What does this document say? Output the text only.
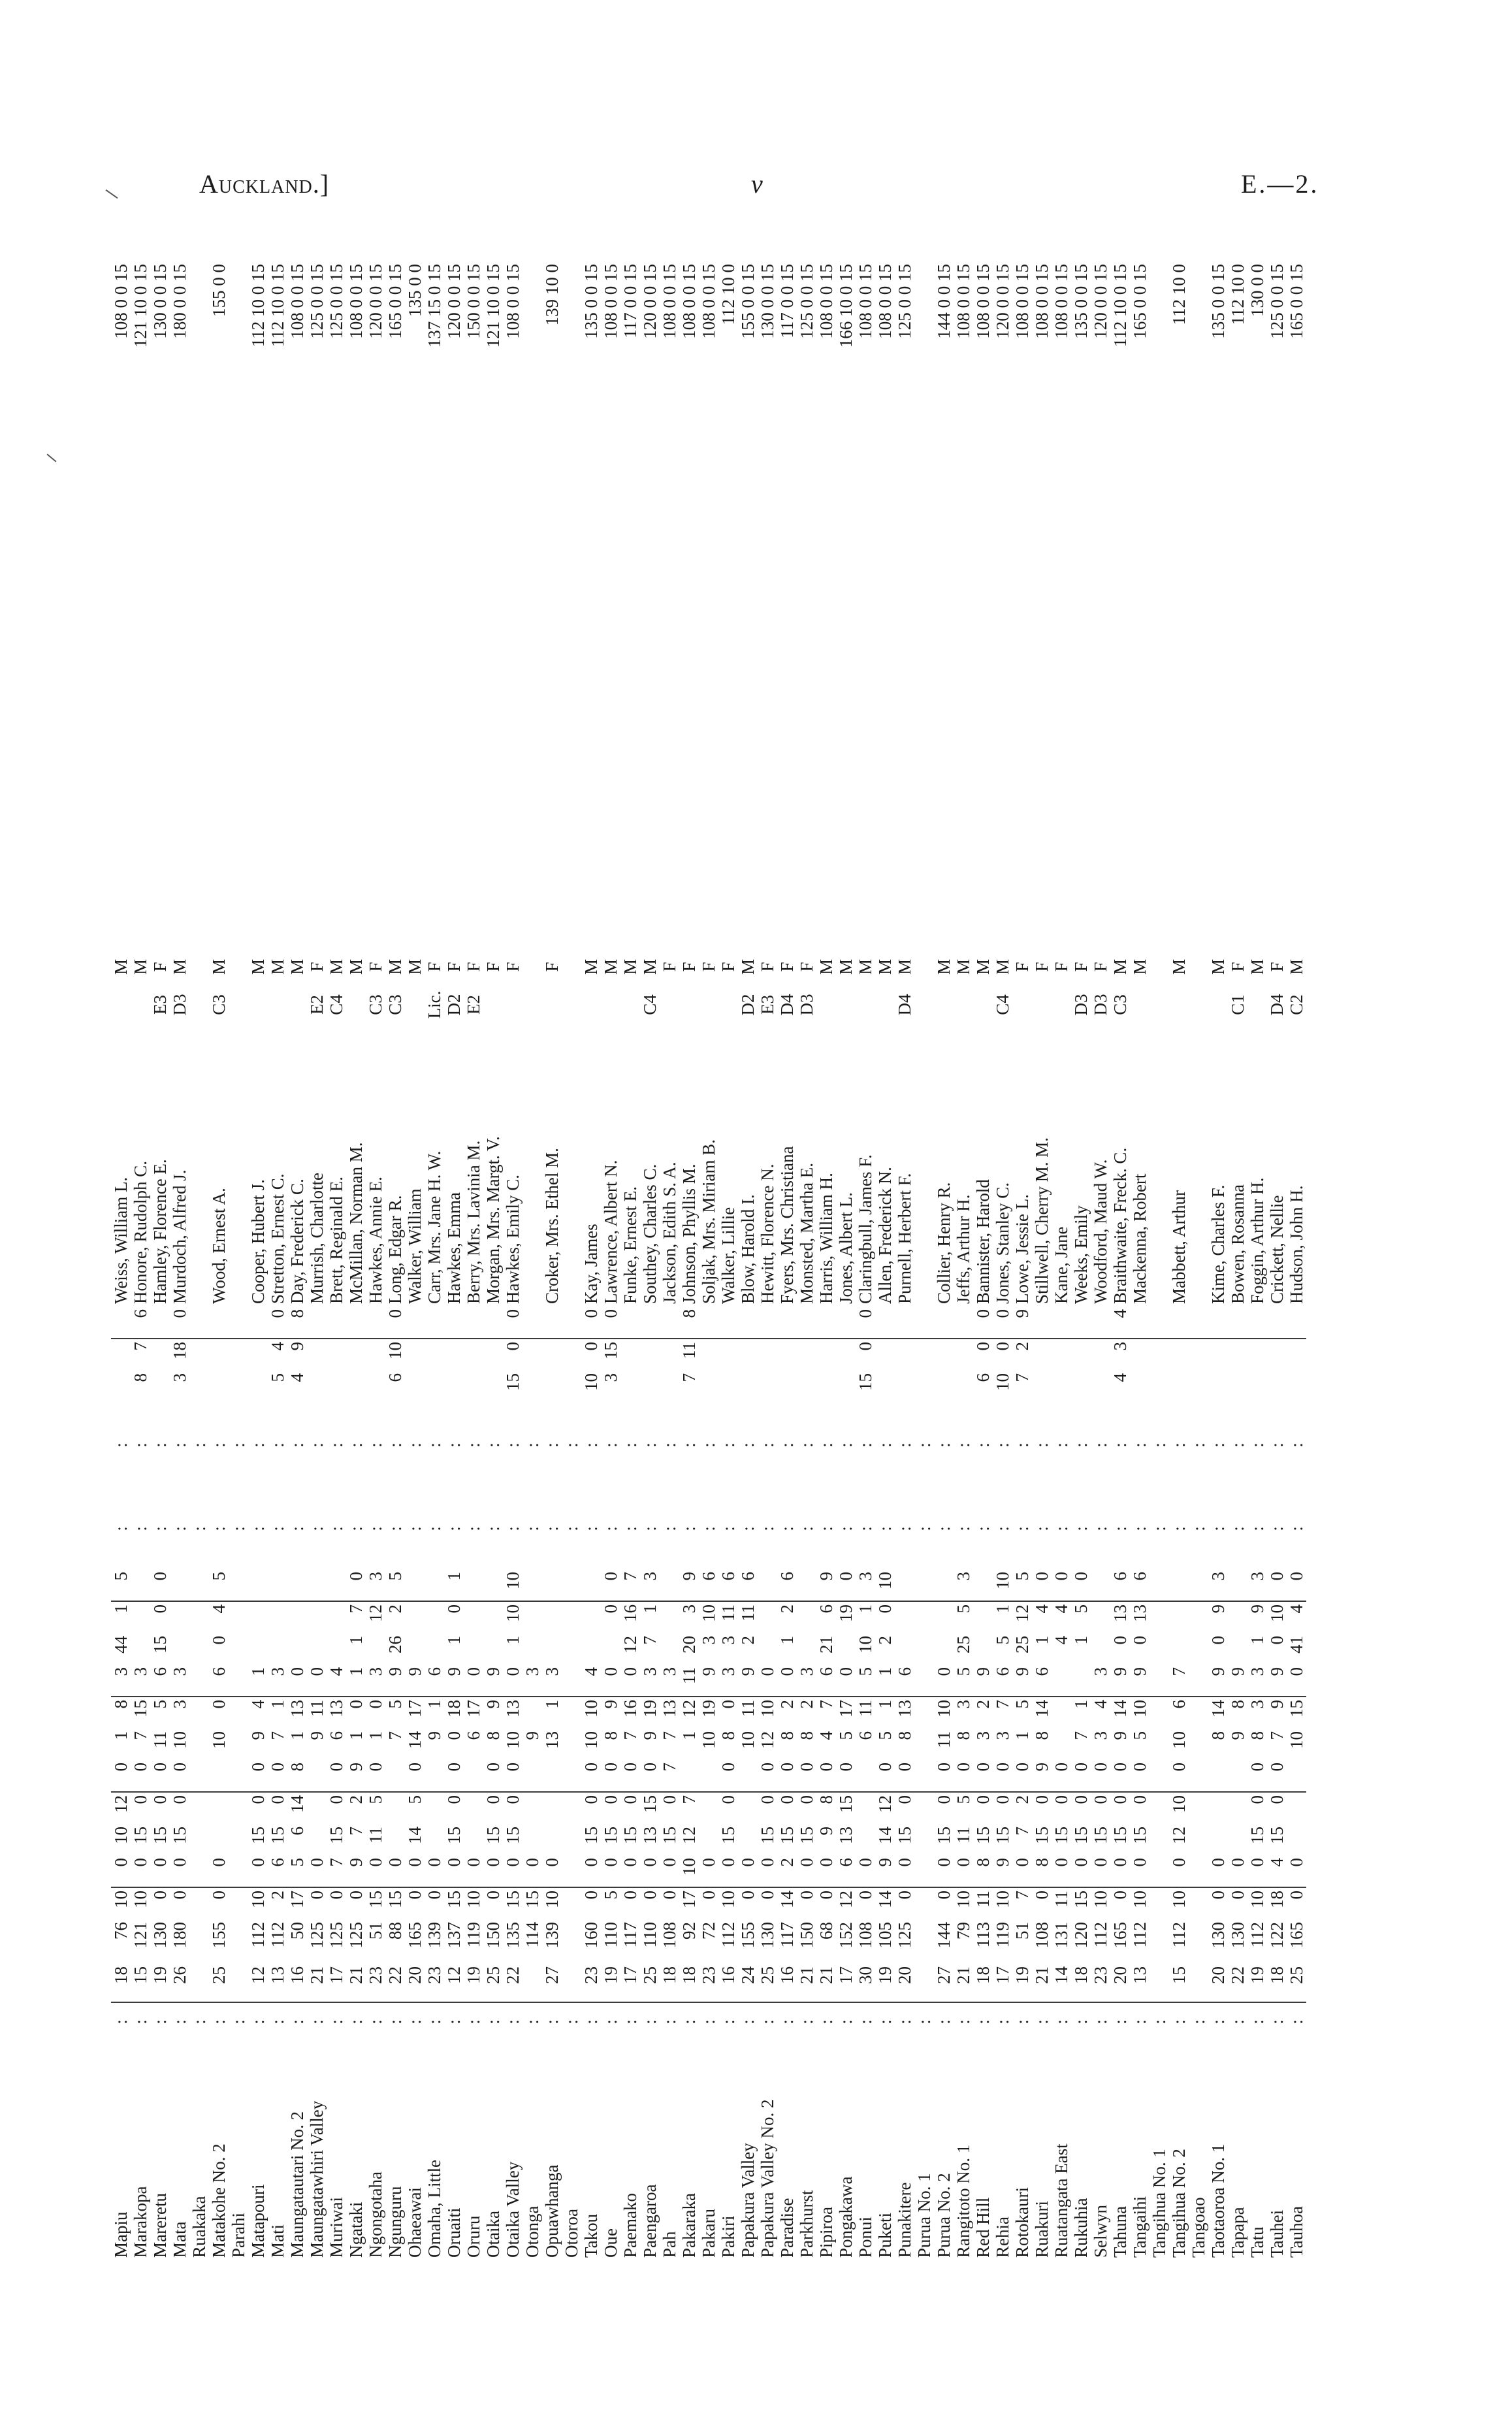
Auckland.]	v	E.—2.
Mapiu	:	18	76	10	0	10	12	0	1	8	3	44	1	5	:	:				Weiss, William L.		M	108 0 0 15
Marakopa	:	15	121	10	0	15	0	0	7	15	3				:	:	8	7	6	Honore, Rudolph C.		M	121 10 0 15
Mareretu	:	19	130	0	0	15	0	0	11	5	6	15	0	0	:	:				Hamley, Florence E.	E3	F	130 0 0 15
Mata	:	26	180	0	0	15	0	0	10	3	3				:	:	3	18	0	Murdoch, Alfred J.	D3	M	180 0 0 15
Ruakaka	:														:	:							
Matakohe No. 2	:	25	155	0	0				10	0	6	0	4	5	:	:				Wood, Ernest A.	C3	M	155 0 0
Parahi	:														:	:							
Matapouri	:	12	112	10	0	15	0	0	9	4	1				:	:				Cooper, Hubert J.		M	112 10 0 15
Mati	:	13	112	2	6	15	0	0	7	1	3				:	:	5	4	0	Stretton, Ernest C.		M	112 10 0 15
Maungatautari No. 2	:	16	50	17	5	6	14	8	1	13	0				:	:	4	9	8	Day, Frederick C.		M	108 0 0 15
Maungatawhiri Valley	:	21	125	0	0				9	11	0				:	:				Murrish, Charlotte	E2	F	125 0 0 15
Muriwai	:	17	125	0	7	15	0	0	6	13	4				:	:				Brett, Reginald E.	C4	M	125 0 0 15
Ngataki	:	21	125	0	9	7	2	9	1	0	1	1	7	0	:	:				McMillan, Norman M.		M	108 0 0 15
Ngongotaha	:	23	51	15	0	11	5	0	1	0	3		12	3	:	:				Hawkes, Annie E.	C3	F	120 0 0 15
Ngunguru	:	22	88	15	0				7	5	9	26	2	5	:	:	6	10	0	Long, Edgar R.	C3	M	165 0 0 15
Ohaeawai	:	20	165	0	0	14	5	0	14	17	9				:	:				Walker, William		M	135 0 0
Omaha, Little	:	23	139	0	0				9	1	6				:	:				Carr, Mrs. Jane H. W.	Lic.	F	137 15 0 15
Oruaiti	:	12	137	15	0	15	0	0	0	18	9	1	0	1	:	:				Hawkes, Emma	D2	F	120 0 0 15
Oruru	:	19	119	10	0				6	17	0				:	:				Berry, Mrs. Lavinia M.	E2	F	150 0 0 15
Otaika	:	25	150	0	0	15	0	0	8	9	9				:	:				Morgan, Mrs. Margt. V.		F	121 10 0 15
Otaika Valley	:	22	135	15	0	15	0	0	10	13	0	1	10	10	:	:	15	0	0	Hawkes, Emily C.		F	108 0 0 15
Otonga	:		114	15	0				9		3				:	:							
Opuawhanga	:	27	139	10	0				13	1	3				:	:				Croker, Mrs. Ethel M.		F	139 10 0
Otoroa	:														:	:							
Takou	:	23	160	0	0	15	0	0	10	10	4				:	:	10	0	0	Kay, James		M	135 0 0 15
Oue	:	19	110	5	0	15	0	0	8	9	0		0	0	:	:	3	15	0	Lawrence, Albert N.		M	108 0 0 15
Paemako	:	17	117	0	0	15	0	0	7	16	0	12	16	7	:	:				Funke, Ernest E.		M	117 0 0 15
Paengaroa	:	25	110	0	0	13	15	0	9	19	3	7	1	3	:	:				Southey, Charles C.	C4	M	120 0 0 15
Pah	:	18	108	0	0	15	0	7	7	13	3				:	:				Jackson, Edith S. A.		F	108 0 0 15
Pakaraka	:	18	92	17	10	12	7		1	12	11	20	3	9	:	:	7	11	8	Johnson, Phyllis M.		F	108 0 0 15
Pakaru	:	23	72	0	0				10	19	9	3	10	6	:	:				Soljak, Mrs. Miriam B.		F	108 0 0 15
Pakiri	:	16	112	10	0	15	0	0	8	0	3	3	11	6	:	:				Walker, Lillie		F	112 10 0
Papakura Valley	:	24	155	0	0				10	11	9	2	11	6	:	:				Blow, Harold I.	D2	M	155 0 0 15
Papakura Valley No. 2	:	25	130	0	0	15	0	0	12	10	0				:	:				Hewitt, Florence N.	E3	F	130 0 0 15
Paradise	:	16	117	14	2	15	0	0	8	2	0	1	2	6	:	:				Fyers, Mrs. Christiana	D4	F	117 0 0 15
Parkhurst	:	21	150	0	0	15	0	0	8	2	3				:	:				Monsted, Martha E.	D3	F	125 0 0 15
Pipiroa	:	21	68	0	0	9	8	0	4	7	6	21	6	9	:	:				Harris, William H.		M	108 0 0 15
Pongakawa	:	17	152	12	6	13	15	0	5	17	0		19	0	:	:				Jones, Albert L.		M	166 10 0 15
Ponui	:	30	108	0	0				6	11	5	10	1	3	:	:	15	0	0	Claringbull, James F.		M	108 0 0 15
Puketi	:	19	105	14	9	14	12	0	5	1	1	2	0	10	:	:				Allen, Frederick N.		M	108 0 0 15
Punakitere	:	20	125	0	0	15	0	0	8	13	6				:	:				Purnell, Herbert F.	D4	M	125 0 0 15
Purua No. 1	:														:	:							
Purua No. 2	:	27	144	0	0	15	0	0	11	10	0				:	:				Collier, Henry R.		M	144 0 0 15
Rangitoto No. 1	:	21	79	10	0	11	5	0	8	3	5	25	5	3	:	:				Jeffs, Arthur H.		M	108 0 0 15
Red Hill	:	18	113	11	8	15	0	0	3	2	9				:	:	6	0	0	Bannister, Harold		M	108 0 0 15
Rehia	:	17	119	10	9	15	0	0	3	7	6	5	1	10	:	:	10	0	0	Jones, Stanley C.	C4	M	120 0 0 15
Rotokauri	:	19	51	7	0	7	2	0	1	5	9	25	12	5	:	:	7	2	9	Lowe, Jessie L.		F	108 0 0 15
Ruakuri	:	21	108	0	8	15	0	9	8	14	6	1	4	0	:	:				Stillwell, Cherry M. M.		F	108 0 0 15
Ruatangata East	:	14	131	11	0	15	0	0				4	4	0	:	:				Kane, Jane		F	108 0 0 15
Rukuhia	:	18	120	15	0	15	0	0	7	1		1	5	0	:	:				Weeks, Emily	D3	F	135 0 0 15
Selwyn	:	23	112	10	0	15	0	0	3	4	3				:	:				Woodford, Maud W.	D3	F	120 0 0 15
Tahuna	:	20	165	0	0	15	0	0	9	14	9	0	13	6	:	:	4	3	4	Braithwaite, Freck. C.	C3	M	112 10 0 15
Tangaihi	:	13	112	10	0	15	0	0	5	10	9	0	13	6	:	:				Mackenna, Robert		M	165 0 0 15
Tangihua No. 1	:														:	:							
Tangihua No. 2	:	15	112	10	0	12	10	0	10	6	7				:	:				Mabbett, Arthur		M	112 10 0
Tangoao	:														:	:							
Taotaoroa No. 1	:	20	130	0	0				8	14	9	0	9	3	:	:				Kime, Charles F.		M	135 0 0 15
Tapapa	:	22	130	0	0				9	8	9				:	:				Bowen, Rosanna	C1	F	112 10 0
Tatu	:	19	112	10	0	15	0	0	8	3	3	1	9	3	:	:				Foggin, Arthur H.		M	130 0 0
Tauhei	:	18	122	18	4	15	0	0	7	9	9	0	10	0	:	:				Crickett, Nellie	D4	F	125 0 0 15
Tauhoa	:	25	165	0	0				10	15	0	41	4	0	:	:				Hudson, John H.	C2	M	165 0 0 15
